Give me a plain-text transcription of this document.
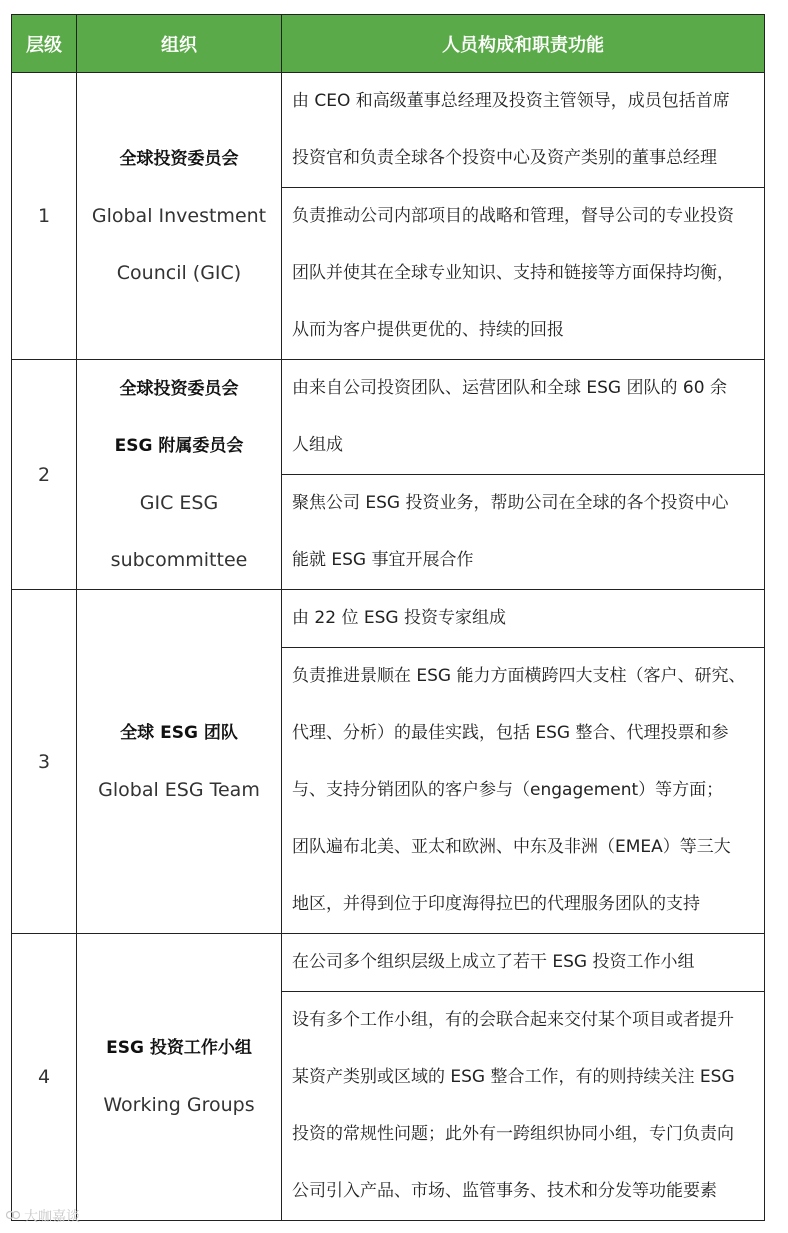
层级	组织	人员构成和职责功能
1	全球投资委员会
Global Investment
Council (GIC)	由 CEO 和高级董事总经理及投资主管领导，成员包括首席
投资官和负责全球各个投资中心及资产类别的董事总经理

		负责推动公司内部项目的战略和管理，督导公司的专业投资
团队并使其在全球专业知识、支持和链接等方面保持均衡，
从而为客户提供更优的、持续的回报

2	全球投资委员会
ESG 附属委员会
GIC ESG
subcommittee	由来自公司投资团队、运营团队和全球 ESG 团队的 60 余
人组成

		聚焦公司 ESG 投资业务，帮助公司在全球的各个投资中心
能就 ESG 事宜开展合作

3	全球 ESG 团队
Global ESG Team	由 22 位 ESG 投资专家组成

		负责推进景顺在 ESG 能力方面横跨四大支柱（客户、研究、
代理、分析）的最佳实践，包括 ESG 整合、代理投票和参
与、支持分销团队的客户参与（engagement）等方面；
团队遍布北美、亚太和欧洲、中东及非洲（EMEA）等三大
地区，并得到位于印度海得拉巴的代理服务团队的支持

4	ESG 投资工作小组
Working Groups	在公司多个组织层级上成立了若干 ESG 投资工作小组

		设有多个工作小组，有的会联合起来交付某个项目或者提升
某资产类别或区域的 ESG 整合工作，有的则持续关注 ESG
投资的常规性问题；此外有一跨组织协同小组，专门负责向
公司引入产品、市场、监管事务、技术和分发等功能要素
大咖嘉谈
